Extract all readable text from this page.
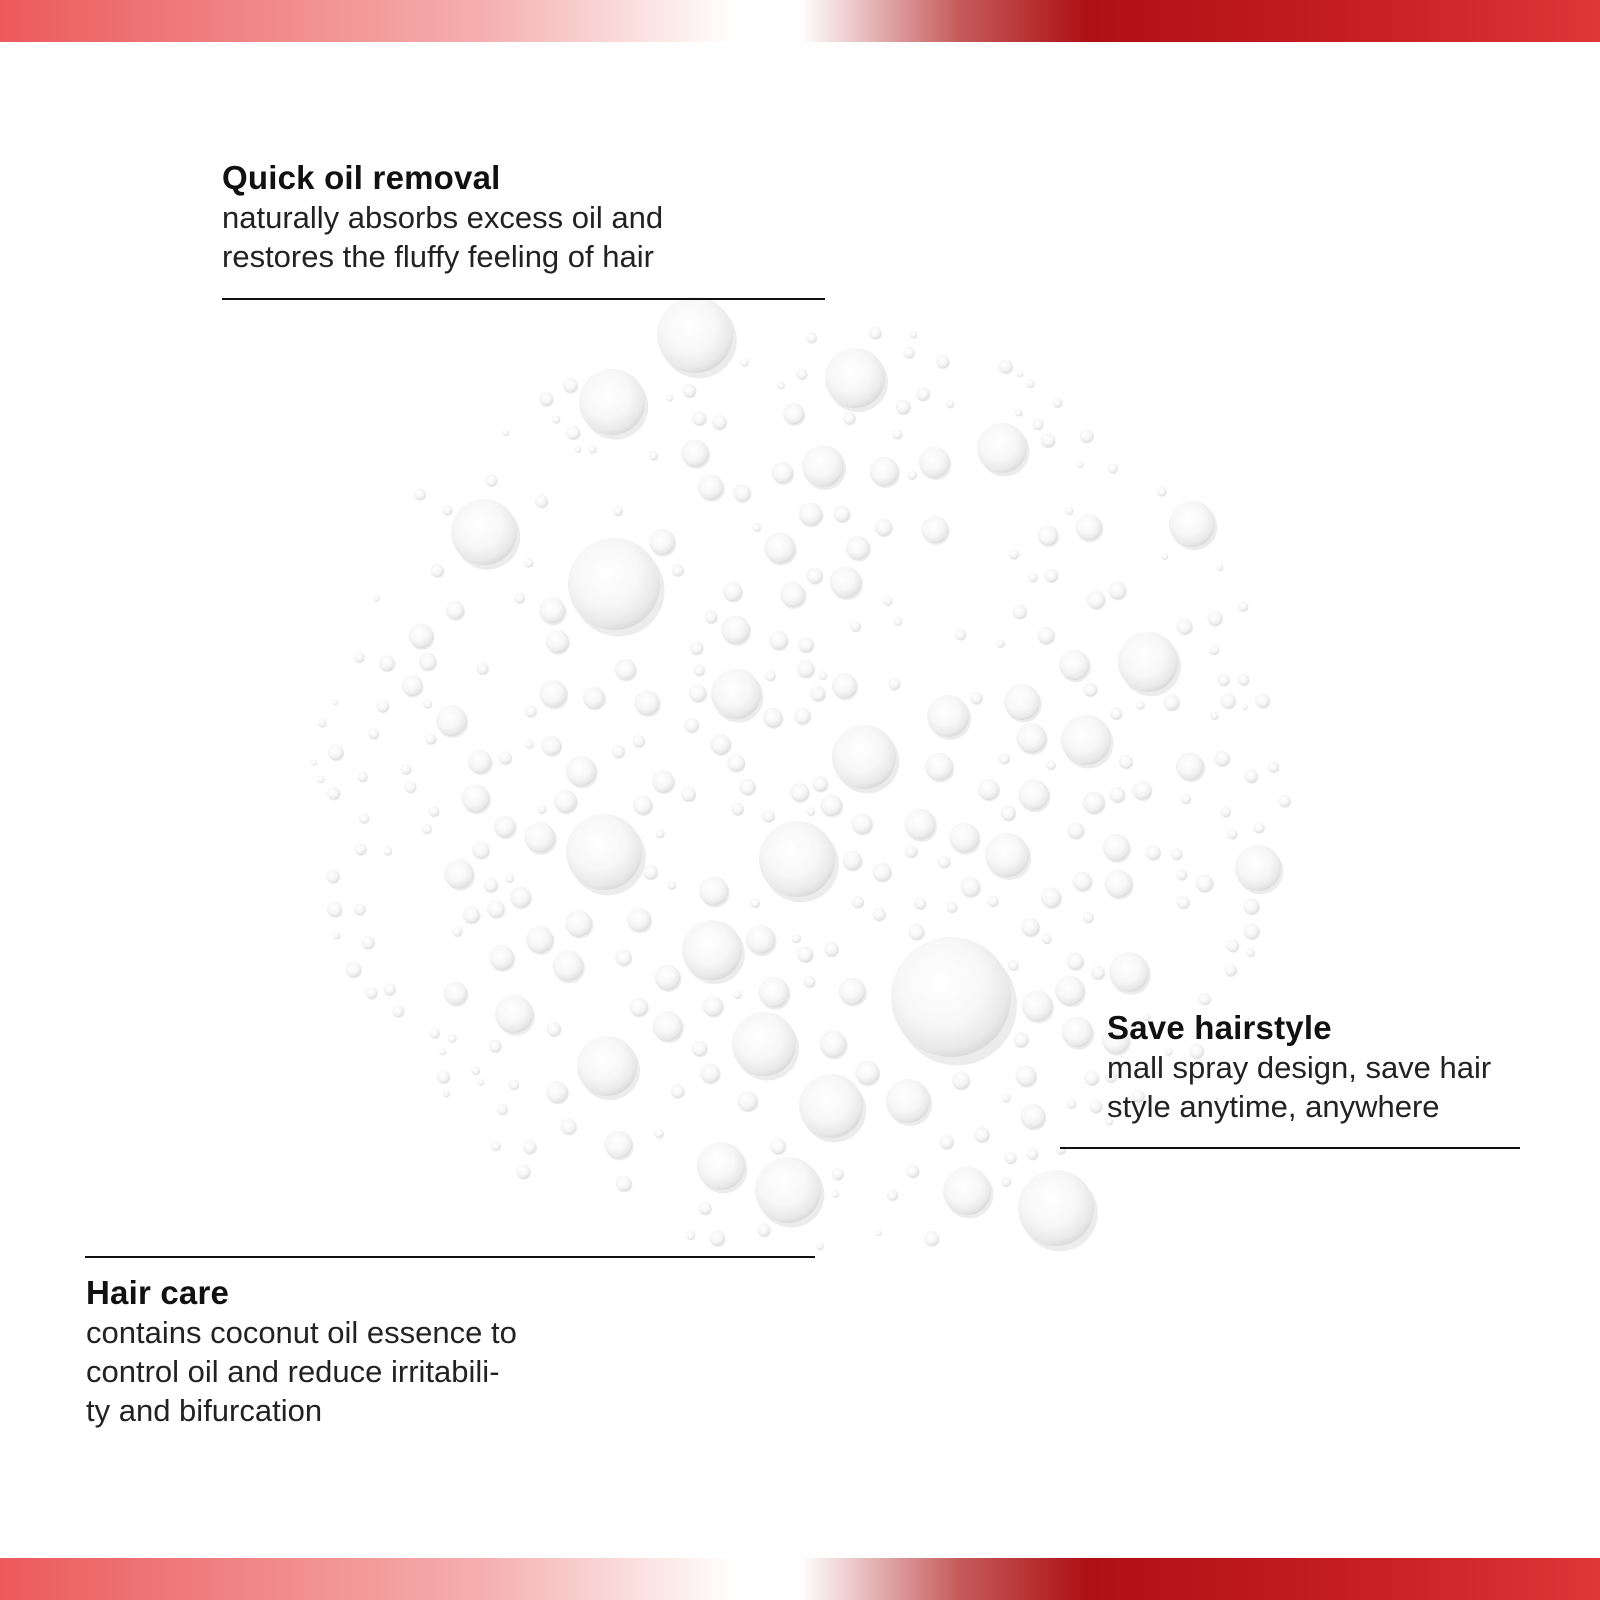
Quick oil removal
naturally absorbs excess oil and
restores the fluffy feeling of hair
Save hairstyle
mall spray design, save hair
style anytime, anywhere
Hair care
contains coconut oil essence to
control oil and reduce irritabili-
ty and bifurcation
